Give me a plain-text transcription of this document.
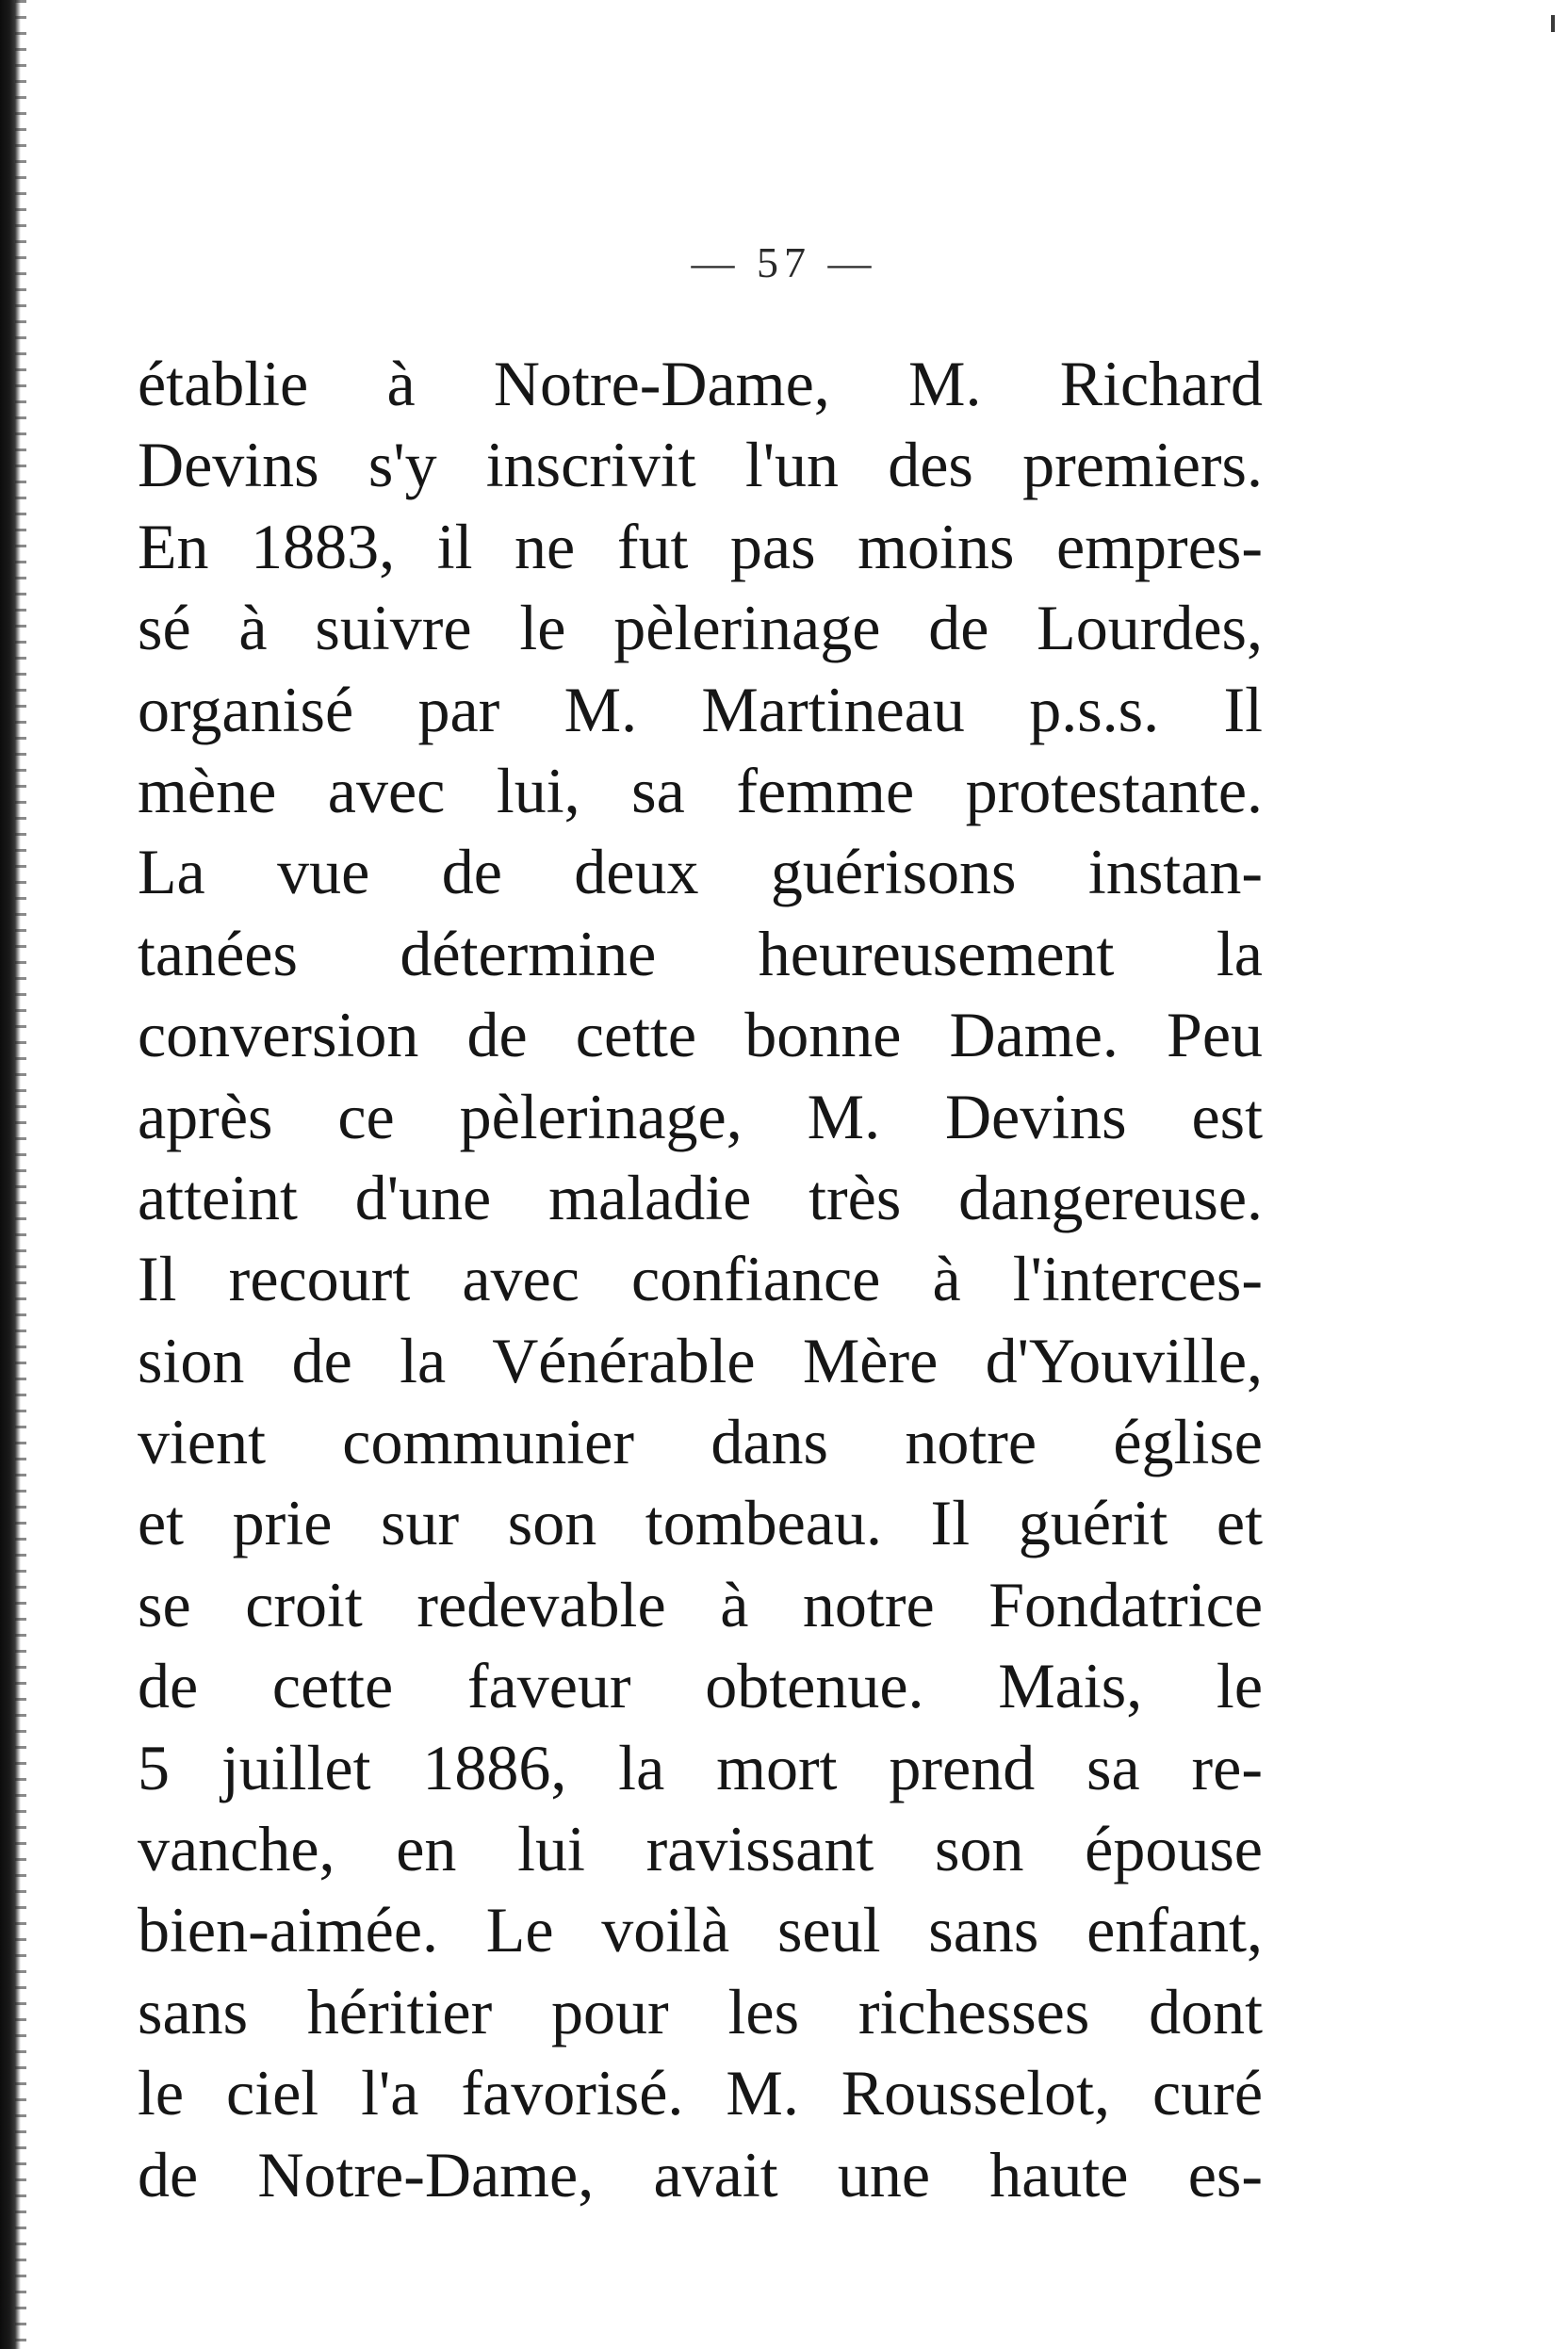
— 57 —
établie à Notre-Dame, M. Richard
Devins s'y inscrivit l'un des premiers.
En 1883, il ne fut pas moins empres-
sé à suivre le pèlerinage de Lourdes,
organisé par M. Martineau p.s.s. Il
mène avec lui, sa femme protestante.
La vue de deux guérisons instan-
tanées détermine heureusement la
conversion de cette bonne Dame. Peu
après ce pèlerinage, M. Devins est
atteint d'une maladie très dangereuse.
Il recourt avec confiance à l'interces-
sion de la Vénérable Mère d'Youville,
vient communier dans notre église
et prie sur son tombeau. Il guérit et
se croit redevable à notre Fondatrice
de cette faveur obtenue. Mais, le
5 juillet 1886, la mort prend sa re-
vanche, en lui ravissant son épouse
bien-aimée. Le voilà seul sans enfant,
sans héritier pour les richesses dont
le ciel l'a favorisé. M. Rousselot, curé
de Notre-Dame, avait une haute es-
